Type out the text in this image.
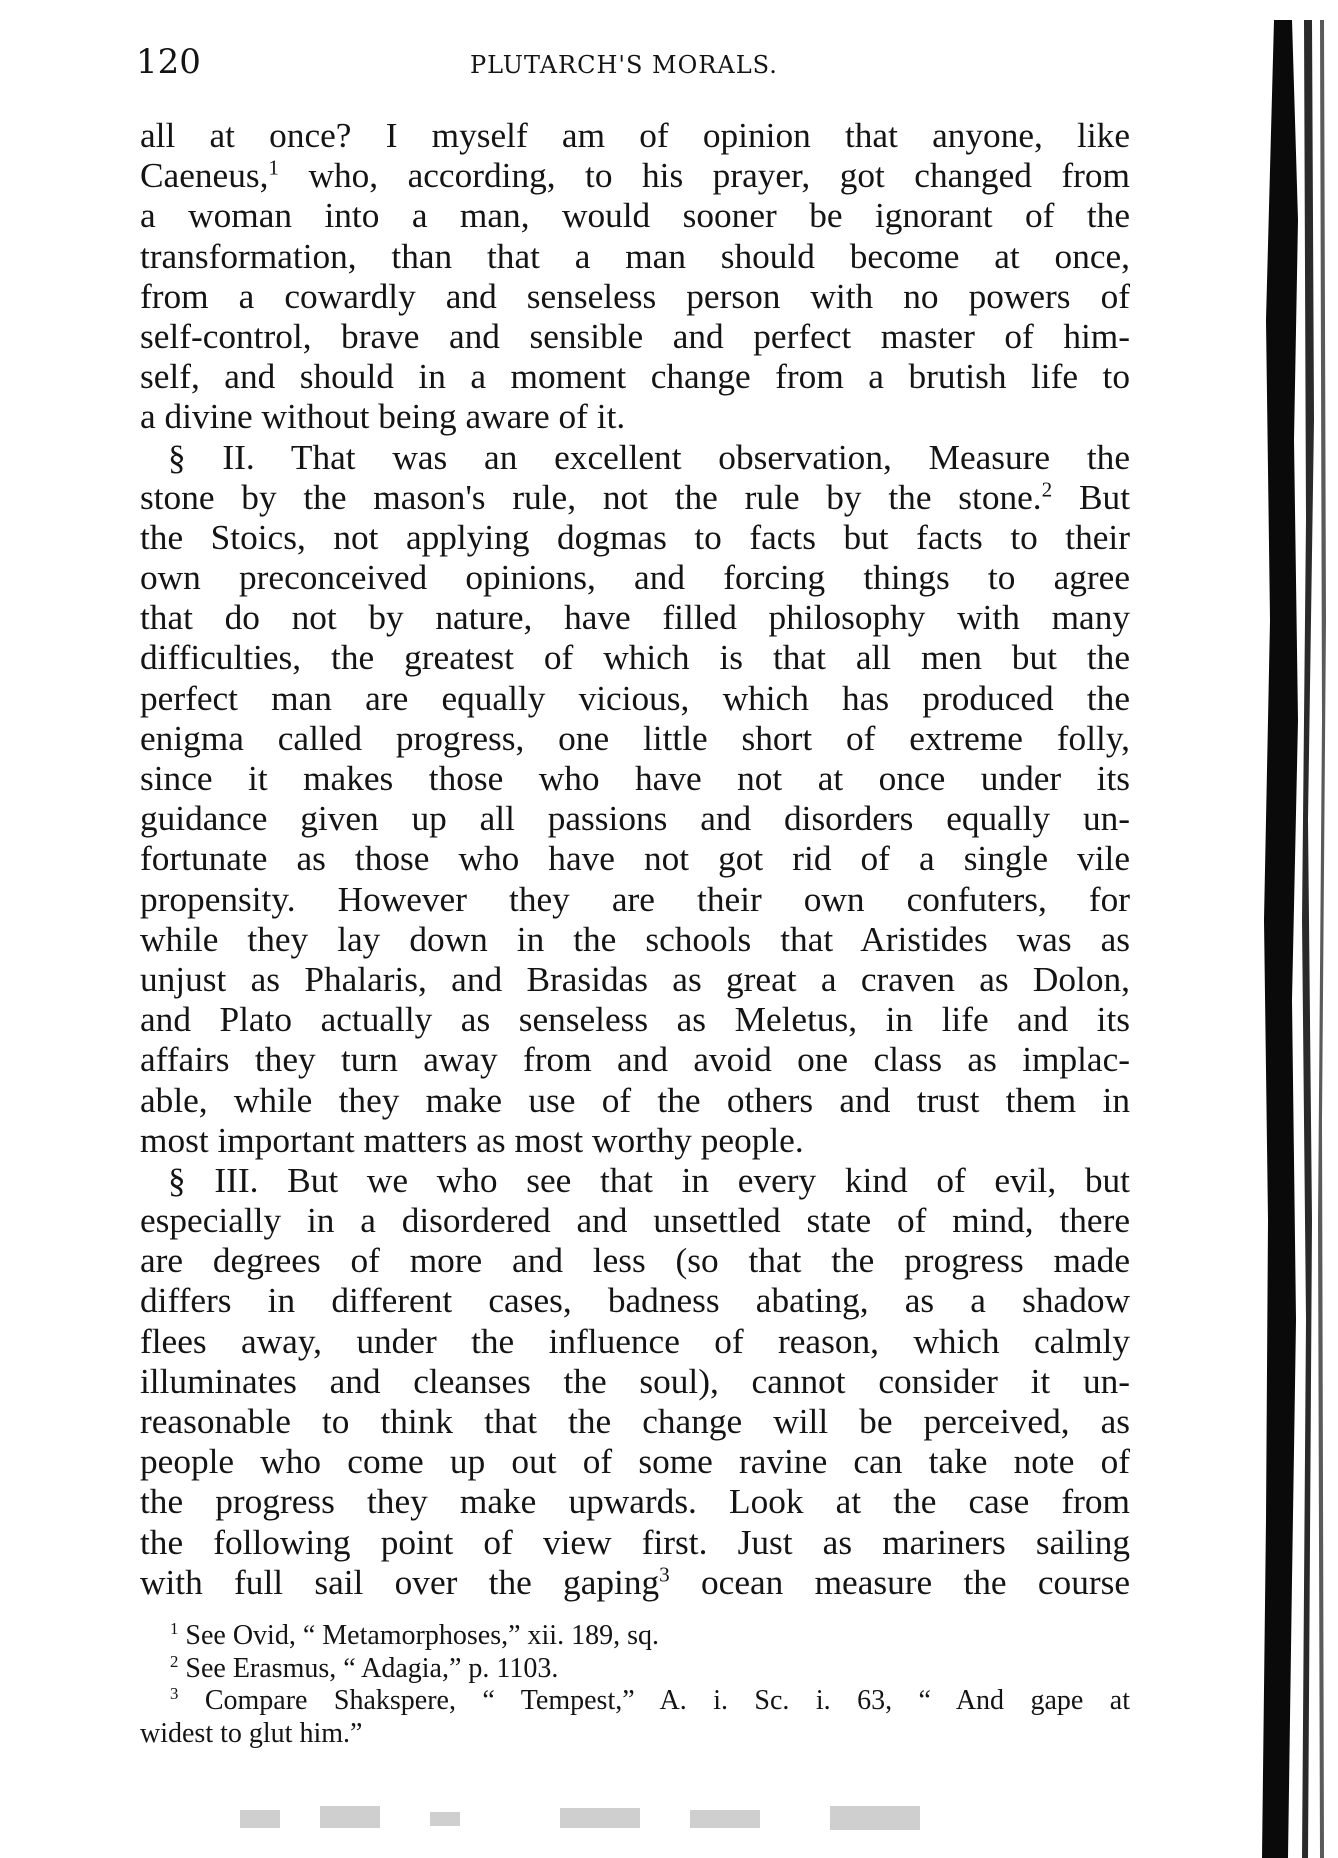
120	PLUTARCH'S MORALS.
all at once? I myself am of opinion that anyone, like
Caeneus,$^1$ who, according, to his prayer, got changed from
a woman into a man, would sooner be ignorant of the
transformation, than that a man should become at once,
from a cowardly and senseless person with no powers of
self-control, brave and sensible and perfect master of him-
self, and should in a moment change from a brutish life to
a divine without being aware of it.
§ II. That was an excellent observation, Measure the
stone by the mason's rule, not the rule by the stone.$^2$ But
the Stoics, not applying dogmas to facts but facts to their
own preconceived opinions, and forcing things to agree
that do not by nature, have filled philosophy with many
difficulties, the greatest of which is that all men but the
perfect man are equally vicious, which has produced the
enigma called progress, one little short of extreme folly,
since it makes those who have not at once under its
guidance given up all passions and disorders equally un-
fortunate as those who have not got rid of a single vile
propensity. However they are their own confuters, for
while they lay down in the schools that Aristides was as
unjust as Phalaris, and Brasidas as great a craven as Dolon,
and Plato actually as senseless as Meletus, in life and its
affairs they turn away from and avoid one class as implac-
able, while they make use of the others and trust them in
most important matters as most worthy people.
§ III. But we who see that in every kind of evil, but
especially in a disordered and unsettled state of mind, there
are degrees of more and less (so that the progress made
differs in different cases, badness abating, as a shadow
flees away, under the influence of reason, which calmly
illuminates and cleanses the soul), cannot consider it un-
reasonable to think that the change will be perceived, as
people who come up out of some ravine can take note of
the progress they make upwards. Look at the case from
the following point of view first. Just as mariners sailing
with full sail over the gaping$^3$ ocean measure the course
$^1$ See Ovid, “ Metamorphoses,” xii. 189, sq.
$^2$ See Erasmus, “ Adagia,” p. 1103.
$^3$ Compare Shakspere, “ Tempest,” A. i. Sc. i. 63, “ And gape at
widest to glut him.”
